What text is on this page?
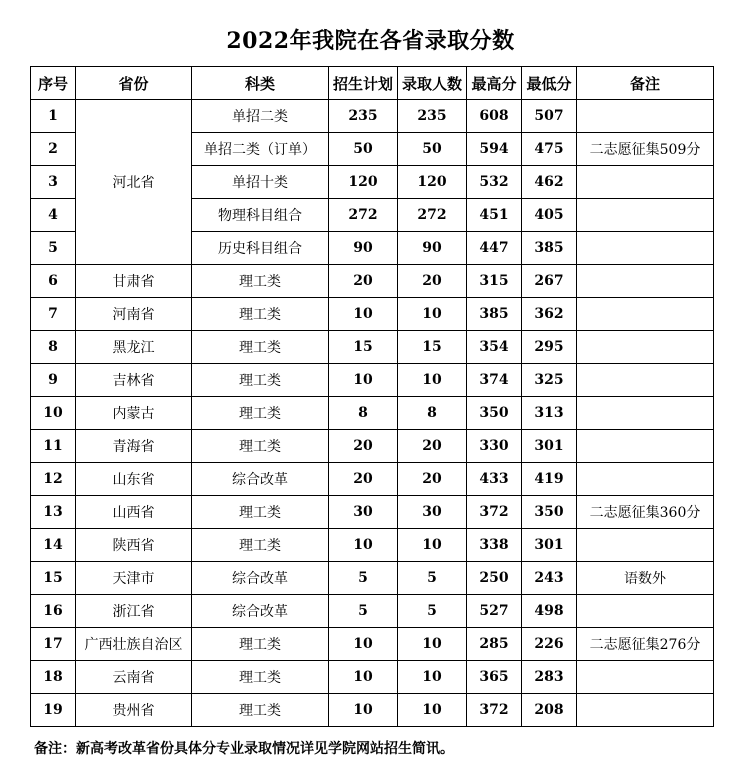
2022年我院在各省录取分数
序号	省份	科类	招生计划	录取人数	最高分	最低分	备注
1	河北省	单招二类	235	235	608	507	
2		单招二类（订单）	50	50	594	475	二志愿征集509分
3		单招十类	120	120	532	462	
4		物理科目组合	272	272	451	405	
5		历史科目组合	90	90	447	385	
6	甘肃省	理工类	20	20	315	267	
7	河南省	理工类	10	10	385	362	
8	黑龙江	理工类	15	15	354	295	
9	吉林省	理工类	10	10	374	325	
10	内蒙古	理工类	8	8	350	313	
11	青海省	理工类	20	20	330	301	
12	山东省	综合改革	20	20	433	419	
13	山西省	理工类	30	30	372	350	二志愿征集360分
14	陕西省	理工类	10	10	338	301	
15	天津市	综合改革	5	5	250	243	语数外
16	浙江省	综合改革	5	5	527	498	
17	广西壮族自治区	理工类	10	10	285	226	二志愿征集276分
18	云南省	理工类	10	10	365	283	
19	贵州省	理工类	10	10	372	208	
备注：新高考改革省份具体分专业录取情况详见学院网站招生简讯。
